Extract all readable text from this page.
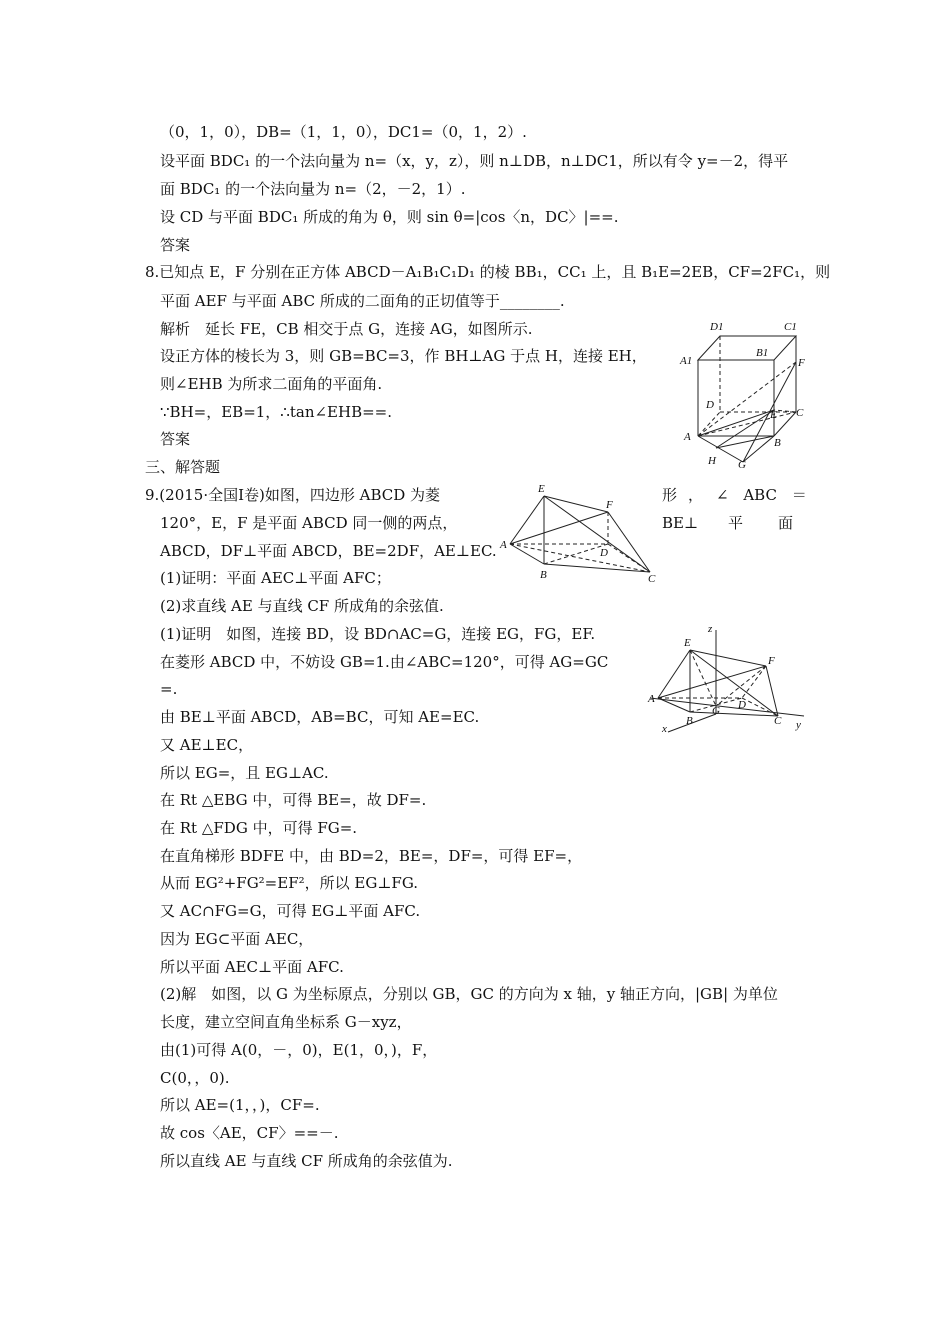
（0，1，0），DB=（1，1，0），DC1=（0，1，2）.
设平面 BDC₁ 的一个法向量为 n=（x，y，z），则 n⊥DB，n⊥DC1，所以有令 y=－2，得平
面 BDC₁ 的一个法向量为 n=（2，－2，1）.
设 CD 与平面 BDC₁ 所成的角为 θ，则 sin θ=|cos〈n，DC〉|==.
答案
8.已知点 E，F 分别在正方体 ABCD－A₁B₁C₁D₁ 的棱 BB₁，CC₁ 上，且 B₁E=2EB，CF=2FC₁，则
平面 AEF 与平面 ABC 所成的二面角的正切值等于________.
解析　延长 FE，CB 相交于点 G，连接 AG，如图所示.
设正方体的棱长为 3，则 GB=BC=3，作 BH⊥AG 于点 H，连接 EH，
则∠EHB 为所求二面角的平面角.
∵BH=，EB=1，∴tan∠EHB==.
答案
三、解答题
9.(2015·全国Ⅰ卷)如图，四边形 ABCD 为菱
120°，E，F 是平面 ABCD 同一侧的两点，
ABCD，DF⊥平面 ABCD，BE=2DF，AE⊥EC.
(1)证明：平面 AEC⊥平面 AFC；
(2)求直线 AE 与直线 CF 所成角的余弦值.
(1)证明　如图，连接 BD，设 BD∩AC=G，连接 EG，FG，EF.
在菱形 ABCD 中，不妨设 GB=1.由∠ABC=120°，可得 AG=GC
=.
由 BE⊥平面 ABCD，AB=BC，可知 AE=EC.
又 AE⊥EC，
所以 EG=，且 EG⊥AC.
在 Rt △EBG 中，可得 BE=，故 DF=.
在 Rt △FDG 中，可得 FG=.
在直角梯形 BDFE 中，由 BD=2，BE=，DF=，可得 EF=，
从而 EG²+FG²=EF²，所以 EG⊥FG.
又 AC∩FG=G，可得 EG⊥平面 AFC.
因为 EG⊂平面 AEC，
所以平面 AEC⊥平面 AFC.
(2)解　如图，以 G 为坐标原点，分别以 GB，GC 的方向为 x 轴，y 轴正方向，|GB| 为单位
长度，建立空间直角坐标系 G－xyz，
由(1)可得 A(0，－，0)，E(1，0，)，F，
C(0，，0).
所以 AE=(1，，)，CF=.
故 cos〈AE，CF〉==－.
所以直线 AE 与直线 CF 所成角的余弦值为.
形 ， ∠ ABC ＝
BE⊥ 平 面
D1	C1
A1
B1
F
D
E C
A	B
H G
E
F
A
D
B	C
z
E
F
A
G D
B	C
x	y
